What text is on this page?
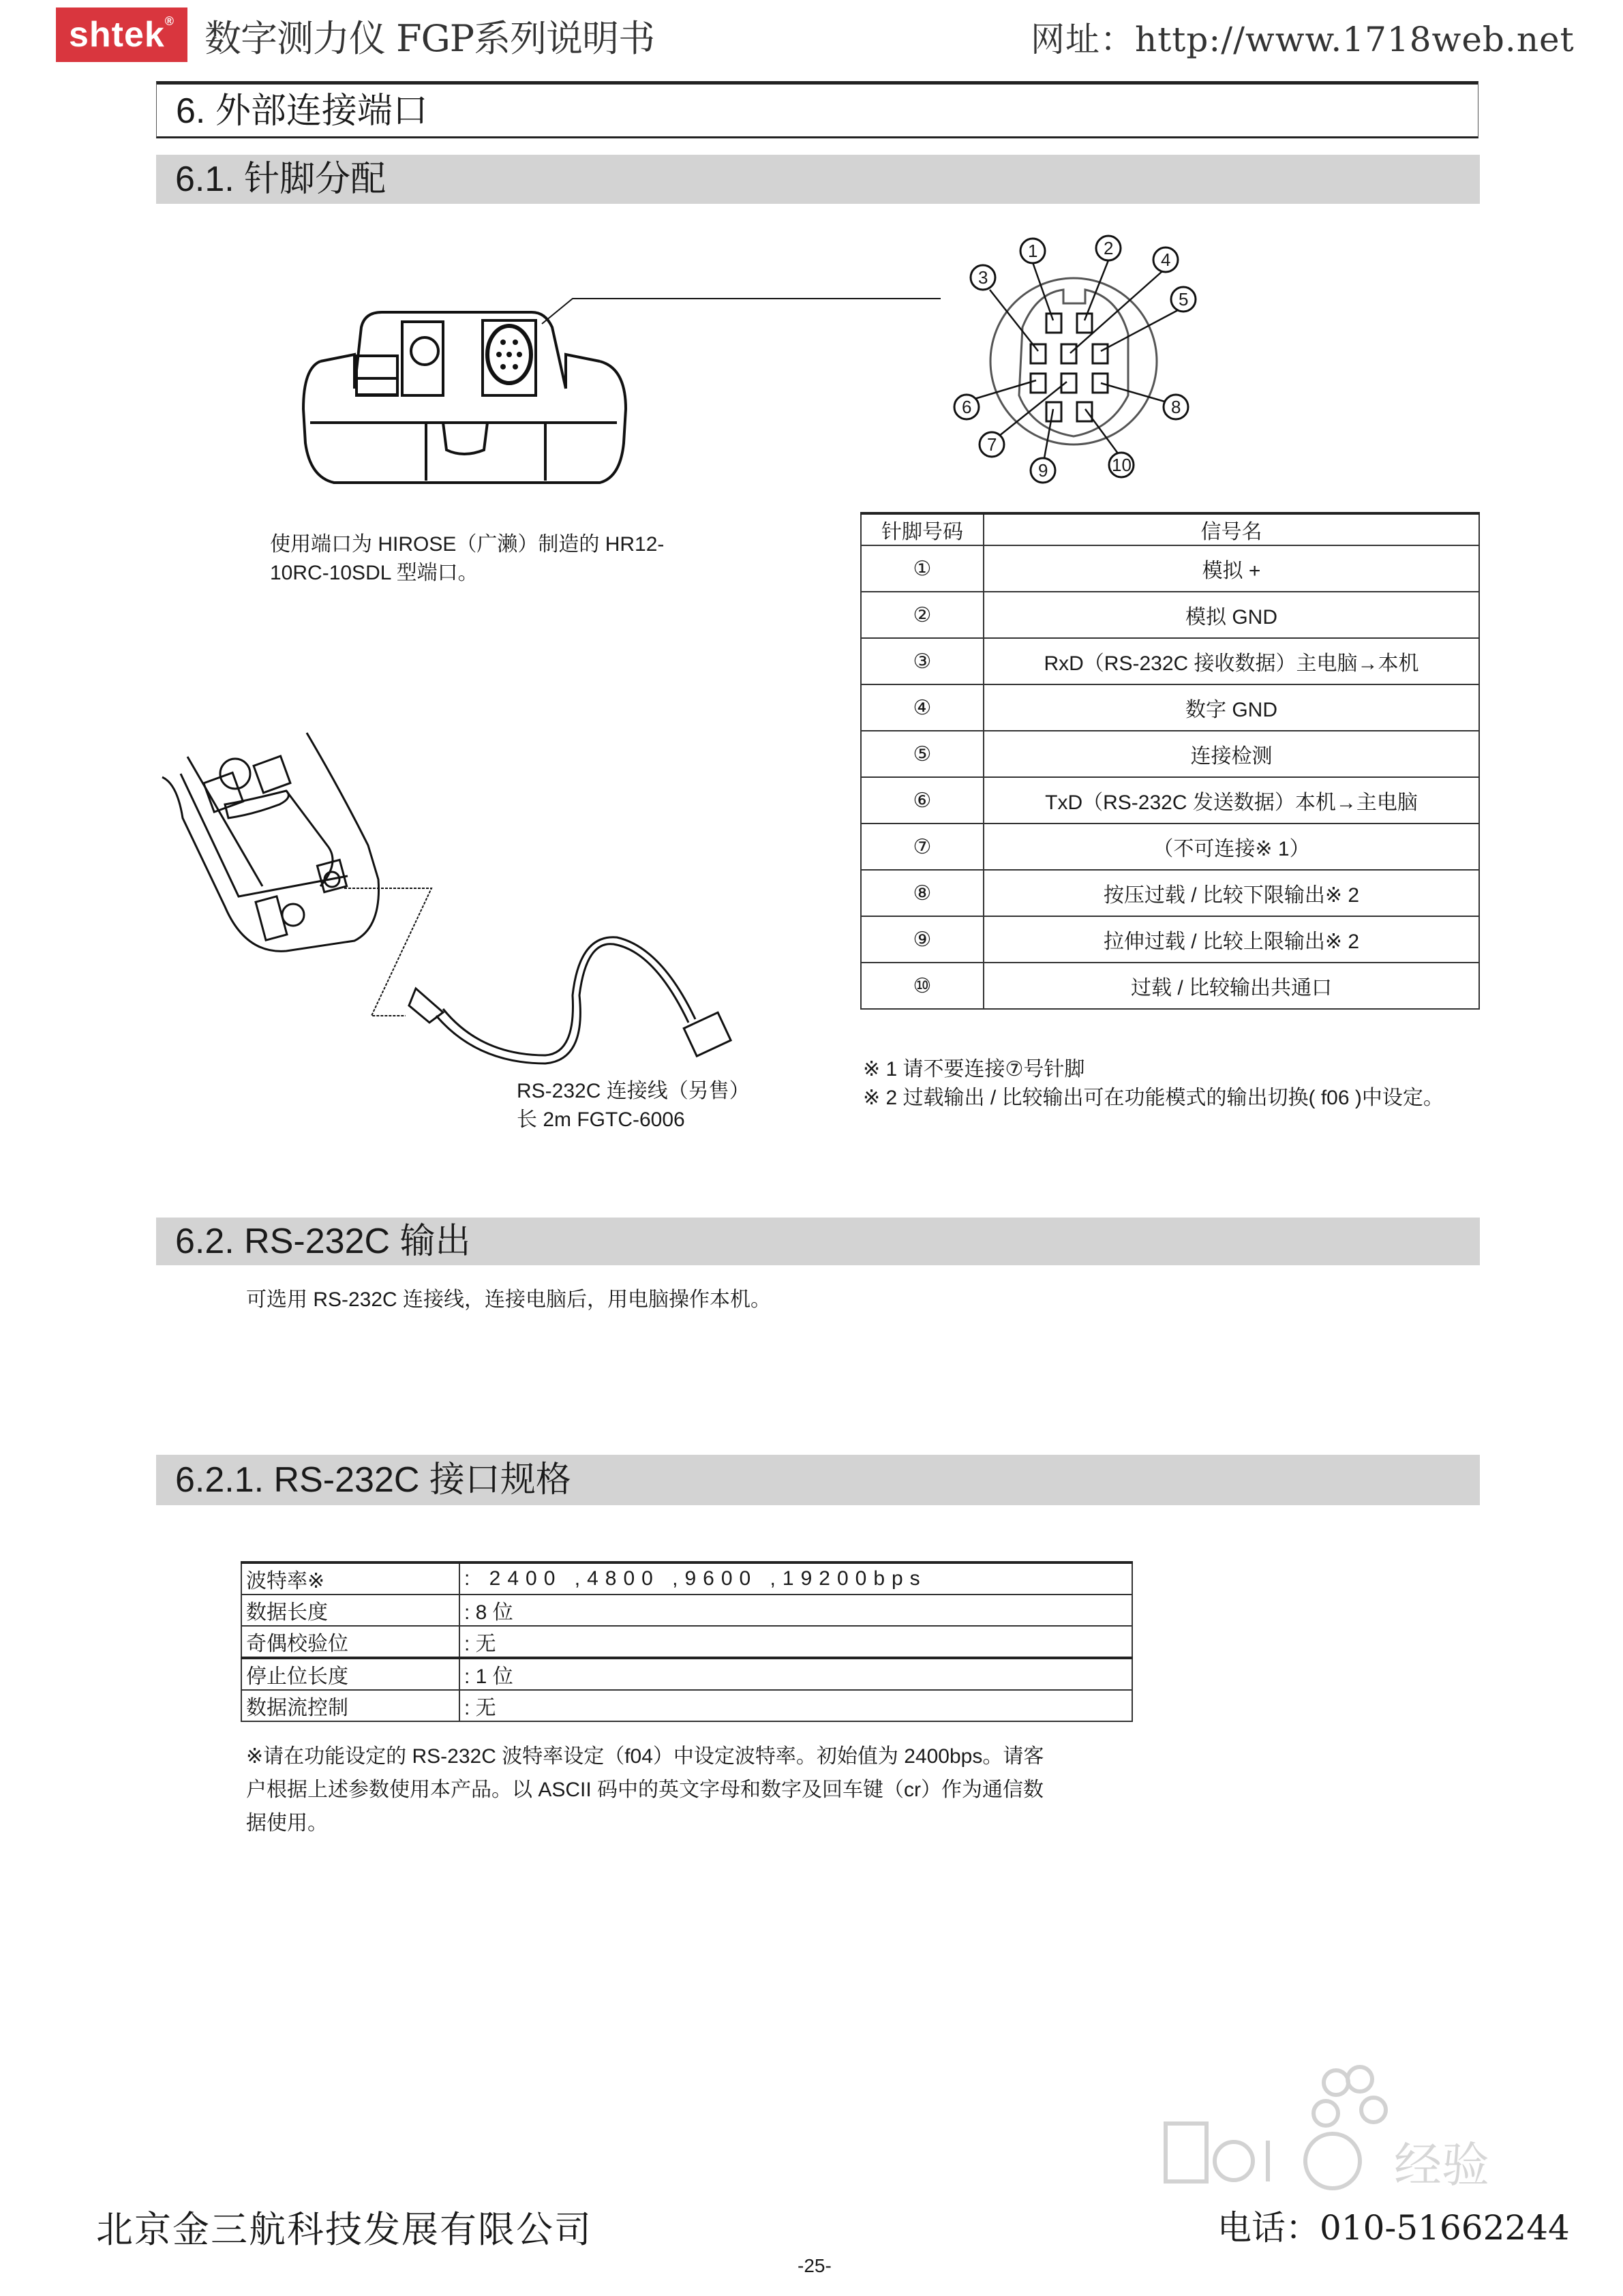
shtek® 数字测力仪 FGP系列说明书	网址：http://www.1718web.net
6. 外部连接端口
6.1. 针脚分配
经验
1	2
3
4
5
6
7
8
9	10
使用端口为 HIROSE（广濑）制造的 HR12-
10RC-10SDL 型端口。
针脚号码	信号名
①	模拟 +
②	模拟 GND
③	RxD（RS-232C 接收数据）主电脑→本机
④	数字 GND
⑤	连接检测
⑥	TxD（RS-232C 发送数据）本机→主电脑
⑦	（不可连接※ 1）
⑧	按压过载 / 比较下限输出※ 2
⑨	拉伸过载 / 比较上限输出※ 2
⑩	过载 / 比较输出共通口
RS-232C 连接线（另售）
长 2m FGTC-6006
※ 1 请不要连接⑦号针脚
※ 2 过载输出 / 比较输出可在功能模式的输出切换( f06 )中设定。
6.2. RS-232C 输出
可选用 RS-232C 连接线，连接电脑后，用电脑操作本机。
6.2.1. RS-232C 接口规格
波特率※	: 2400 ,4800 ,9600 ,19200bps
数据长度	: 8 位
奇偶校验位	: 无
停止位长度	: 1 位
数据流控制	: 无
※请在功能设定的 RS-232C 波特率设定（f04）中设定波特率。初始值为 2400bps。请客
户根据上述参数使用本产品。以 ASCII 码中的英文字母和数字及回车键（cr）作为通信数
据使用。
北京金三航科技发展有限公司	电话：010-51662244
-25-
